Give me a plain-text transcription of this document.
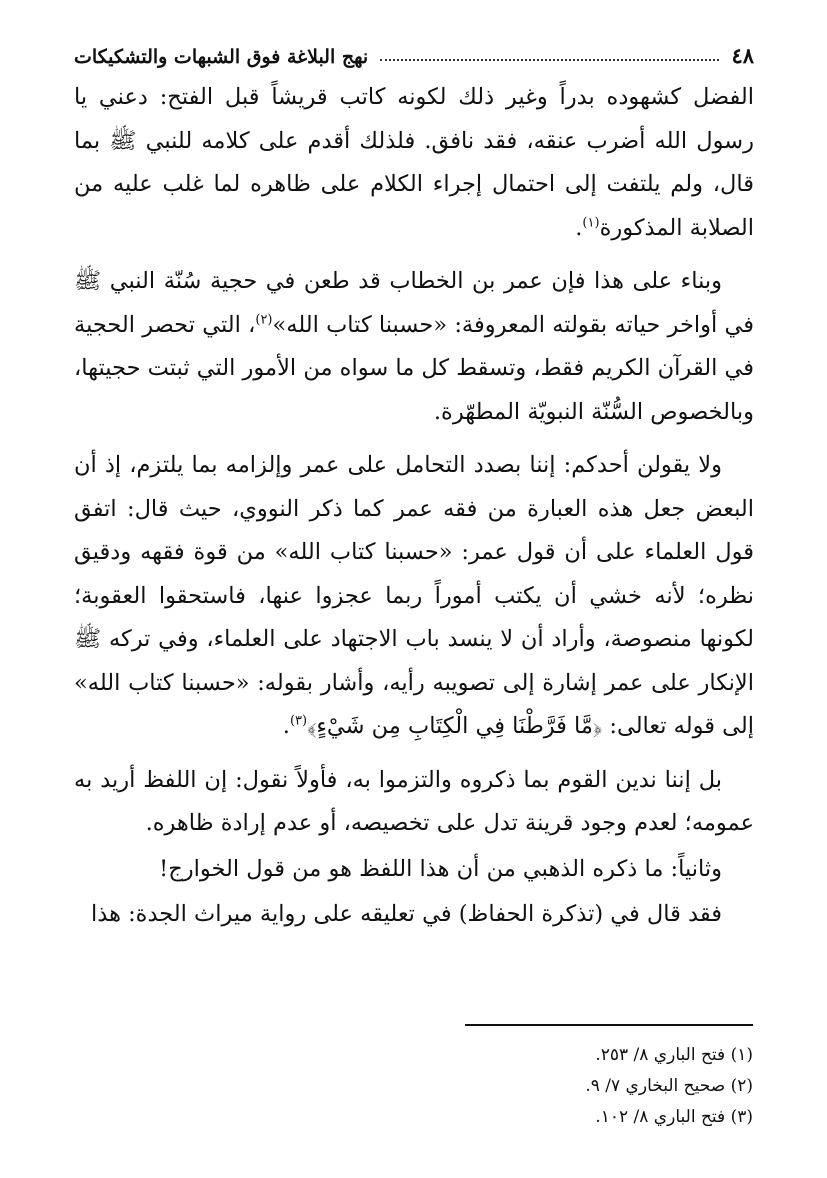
٤٨
نهج البلاغة فوق الشبهات والتشكيكات

الفضل كشهوده بدراً وغير ذلك لكونه كاتب قريشاً قبل الفتح: دعني يا رسول الله أضرب عنقه، فقد نافق. فلذلك أقدم على كلامه للنبي ﷺ بما قال، ولم يلتفت إلى احتمال إجراء الكلام على ظاهره لما غلب عليه من الصلابة المذكورة$^{(١)}$.

وبناء على هذا فإن عمر بن الخطاب قد طعن في حجية سُنّة النبي ﷺ في أواخر حياته بقولته المعروفة: «حسبنا كتاب الله»$^{(٢)}$، التي تحصر الحجية في القرآن الكريم فقط، وتسقط كل ما سواه من الأمور التي ثبتت حجيتها، وبالخصوص السُّنّة النبويّة المطهّرة.

ولا يقولن أحدكم: إننا بصدد التحامل على عمر وإلزامه بما يلتزم، إذ أن البعض جعل هذه العبارة من فقه عمر كما ذكر النووي، حيث قال: اتفق قول العلماء على أن قول عمر: «حسبنا كتاب الله» من قوة فقهه ودقيق نظره؛ لأنه خشي أن يكتب أموراً ربما عجزوا عنها، فاستحقوا العقوبة؛ لكونها منصوصة، وأراد أن لا ينسد باب الاجتهاد على العلماء، وفي تركه ﷺ الإنكار على عمر إشارة إلى تصويبه رأيه، وأشار بقوله: «حسبنا كتاب الله» إلى قوله تعالى: ﴿مَّا فَرَّطْنَا فِي الْكِتَابِ مِن شَيْءٍ﴾$^{(٣)}$.

بل إننا ندين القوم بما ذكروه والتزموا به، فأولاً نقول: إن اللفظ أريد به عمومه؛ لعدم وجود قرينة تدل على تخصيصه، أو عدم إرادة ظاهره.

وثانياً: ما ذكره الذهبي من أن هذا اللفظ هو من قول الخوارج!

فقد قال في (تذكرة الحفاظ) في تعليقه على رواية ميراث الجدة: هذا

(١) فتح الباري ٨/ ٢٥٣.

(٢) صحيح البخاري ٧/ ٩.

(٣) فتح الباري ٨/ ١٠٢.
